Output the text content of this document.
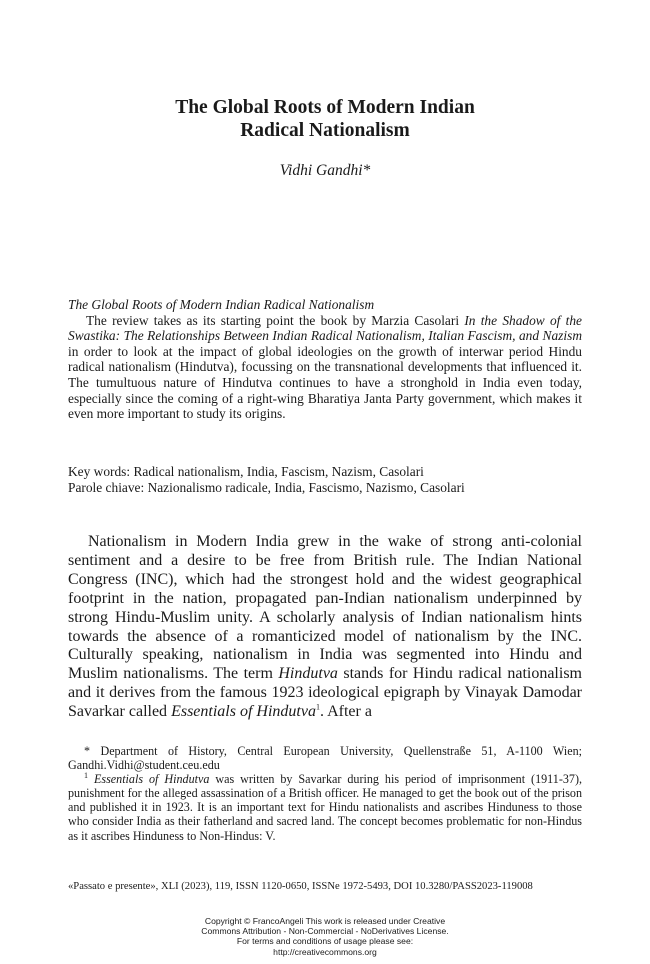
The Global Roots of Modern Indian
Radical Nationalism
Vidhi Gandhi*
The Global Roots of Modern Indian Radical Nationalism

The review takes as its starting point the book by Marzia Casolari In the Shadow of the Swastika: The Relationships Between Indian Radical Nationalism, Italian Fascism, and Nazism in order to look at the impact of global ideologies on the growth of interwar period Hindu radical nationalism (Hindutva), focussing on the transnational developments that influenced it. The tumultuous nature of Hindutva continues to have a stronghold in India even today, especially since the coming of a right-wing Bharatiya Janta Party government, which makes it even more important to study its origins.

Key words: Radical nationalism, India, Fascism, Nazism, Casolari
Parole chiave: Nazionalismo radicale, India, Fascismo, Nazismo, Casolari

Nationalism in Modern India grew in the wake of strong anti-colonial sentiment and a desire to be free from British rule. The Indian National Congress (INC), which had the strongest hold and the widest geographical footprint in the nation, propagated pan-Indian nationalism underpinned by strong Hindu-Muslim unity. A scholarly analysis of Indian nationalism hints towards the absence of a romanticized model of nationalism by the INC. Culturally speaking, nationalism in India was segmented into Hindu and Muslim nationalisms. The term Hindutva stands for Hindu radical nationalism and it derives from the famous 1923 ideological epigraph by Vinayak Damodar Savarkar called Essentials of Hindutva$^1$. After a

* Department of History, Central European University, Quellenstraße 51, A-1100 Wien; Gandhi.Vidhi@student.ceu.edu

$^1$ Essentials of Hindutva was written by Savarkar during his period of imprisonment (1911-37), punishment for the alleged assassination of a British officer. He managed to get the book out of the prison and published it in 1923. It is an important text for Hindu nationalists and ascribes Hinduness to those who consider India as their fatherland and sacred land. The concept becomes problematic for non-Hindus as it ascribes Hinduness to Non-Hindus: V.

«Passato e presente», XLI (2023), 119, ISSN 1120-0650, ISSNe 1972-5493, DOI 10.3280/PASS2023-119008
Copyright © FrancoAngeli This work is released under Creative
Commons Attribution - Non-Commercial - NoDerivatives License.
For terms and conditions of usage please see:
http://creativecommons.org
